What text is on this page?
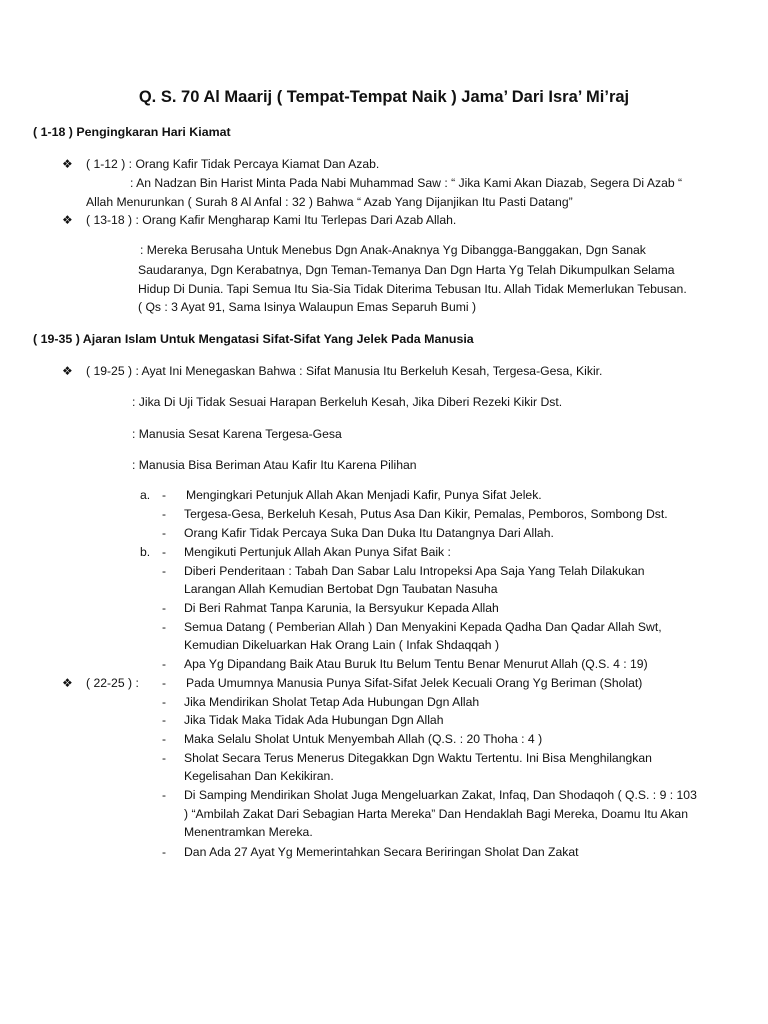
Q. S. 70 Al Maarij ( Tempat-Tempat Naik ) Jama’ Dari Isra’ Mi’raj
( 1-18 ) Pengingkaran Hari Kiamat
❖ ( 1-12 ) : Orang Kafir Tidak Percaya Kiamat Dan Azab.
: An Nadzan Bin Harist Minta Pada Nabi Muhammad Saw : “ Jika Kami Akan Diazab, Segera Di Azab “
Allah Menurunkan ( Surah 8 Al Anfal : 32 ) Bahwa “ Azab Yang Dijanjikan Itu Pasti Datang”
❖ ( 13-18 ) : Orang Kafir Mengharap Kami Itu Terlepas Dari Azab Allah.
: Mereka Berusaha Untuk Menebus Dgn Anak-Anaknya Yg Dibangga-Banggakan, Dgn Sanak
Saudaranya, Dgn Kerabatnya, Dgn Teman-Temanya Dan Dgn Harta Yg Telah Dikumpulkan Selama
Hidup Di Dunia. Tapi Semua Itu Sia-Sia Tidak Diterima Tebusan Itu. Allah Tidak Memerlukan Tebusan.
( Qs : 3 Ayat 91, Sama Isinya Walaupun Emas Separuh Bumi )
( 19-35 ) Ajaran Islam Untuk Mengatasi Sifat-Sifat Yang Jelek Pada Manusia
❖ ( 19-25 ) : Ayat Ini Menegaskan Bahwa : Sifat Manusia Itu Berkeluh Kesah, Tergesa-Gesa, Kikir.
: Jika Di Uji Tidak Sesuai Harapan Berkeluh Kesah, Jika Diberi Rezeki Kikir Dst.
: Manusia Sesat Karena Tergesa-Gesa
: Manusia Bisa Beriman Atau Kafir Itu Karena Pilihan
a. - Mengingkari Petunjuk Allah Akan Menjadi Kafir, Punya Sifat Jelek.
- Tergesa-Gesa, Berkeluh Kesah, Putus Asa Dan Kikir, Pemalas, Pemboros, Sombong Dst.
- Orang Kafir Tidak Percaya Suka Dan Duka Itu Datangnya Dari Allah.
b. - Mengikuti Pertunjuk Allah Akan Punya Sifat Baik :
- Diberi Penderitaan : Tabah Dan Sabar Lalu Intropeksi Apa Saja Yang Telah Dilakukan
Larangan Allah Kemudian Bertobat Dgn Taubatan Nasuha
- Di Beri Rahmat Tanpa Karunia, Ia Bersyukur Kepada Allah
- Semua Datang ( Pemberian Allah ) Dan Menyakini Kepada Qadha Dan Qadar Allah Swt,
Kemudian Dikeluarkan Hak Orang Lain ( Infak Shdaqqah )
- Apa Yg Dipandang Baik Atau Buruk Itu Belum Tentu Benar Menurut Allah (Q.S. 4 : 19)
❖ ( 22-25 ) : - Pada Umumnya Manusia Punya Sifat-Sifat Jelek Kecuali Orang Yg Beriman (Sholat)
- Jika Mendirikan Sholat Tetap Ada Hubungan Dgn Allah
- Jika Tidak Maka Tidak Ada Hubungan Dgn Allah
- Maka Selalu Sholat Untuk Menyembah Allah (Q.S. : 20 Thoha : 4 )
- Sholat Secara Terus Menerus Ditegakkan Dgn Waktu Tertentu. Ini Bisa Menghilangkan
Kegelisahan Dan Kekikiran.
- Di Samping Mendirikan Sholat Juga Mengeluarkan Zakat, Infaq, Dan Shodaqoh ( Q.S. : 9 : 103
) “Ambilah Zakat Dari Sebagian Harta Mereka” Dan Hendaklah Bagi Mereka, Doamu Itu Akan
Menentramkan Mereka.
- Dan Ada 27 Ayat Yg Memerintahkan Secara Beriringan Sholat Dan Zakat
